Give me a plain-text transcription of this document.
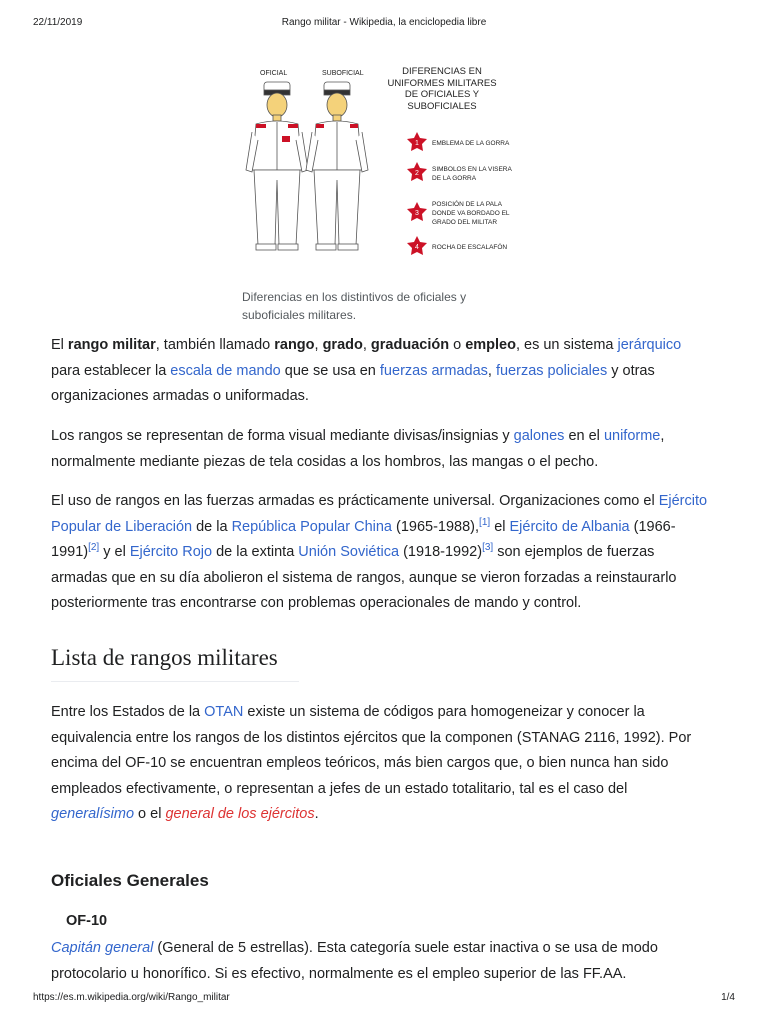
22/11/2019	Rango militar - Wikipedia, la enciclopedia libre
OFICIAL	SUBOFICIAL	DIFERENCIAS EN
UNIFORMES MILITARES
DE OFICIALES Y
SUBOFICIALES
1 EMBLEMA DE LA GORRA
2
SIMBOLOS EN LA VISERA
DE LA GORRA
3
POSICIÓN DE LA PALA
DONDE VA BORDADO EL
GRADO DEL MILITAR
4 ROCHA DE ESCALAFÓN
Diferencias en los distintivos de oficiales y
suboficiales militares.

El rango militar, también llamado rango, grado, graduación o empleo, es un sistema jerárquico
para establecer la escala de mando que se usa en fuerzas armadas, fuerzas policiales y otras
organizaciones armadas o uniformadas.

Los rangos se representan de forma visual mediante divisas/insignias y galones en el uniforme,
normalmente mediante piezas de tela cosidas a los hombros, las mangas o el pecho.

El uso de rangos en las fuerzas armadas es prácticamente universal. Organizaciones como el Ejército
Popular de Liberación de la República Popular China (1965-1988),[1] el Ejército de Albania (1966-
1991)[2] y el Ejército Rojo de la extinta Unión Soviética (1918-1992)[3] son ejemplos de fuerzas
armadas que en su día abolieron el sistema de rangos, aunque se vieron forzadas a reinstaurarlo
posteriormente tras encontrarse con problemas operacionales de mando y control.

Lista de rangos militares

Entre los Estados de la OTAN existe un sistema de códigos para homogeneizar y conocer la
equivalencia entre los rangos de los distintos ejércitos que la componen (STANAG 2116, 1992). Por
encima del OF-10 se encuentran empleos teóricos, más bien cargos que, o bien nunca han sido
empleados efectivamente, o representan a jefes de un estado totalitario, tal es el caso del
generalísimo o el general de los ejércitos.

Oficiales Generales
OF-10

Capitán general (General de 5 estrellas). Esta categoría suele estar inactiva o se usa de modo
protocolario u honorífico. Si es efectivo, normalmente es el empleo superior de las FF.AA.

https://es.m.wikipedia.org/wiki/Rango_militar	1/4
